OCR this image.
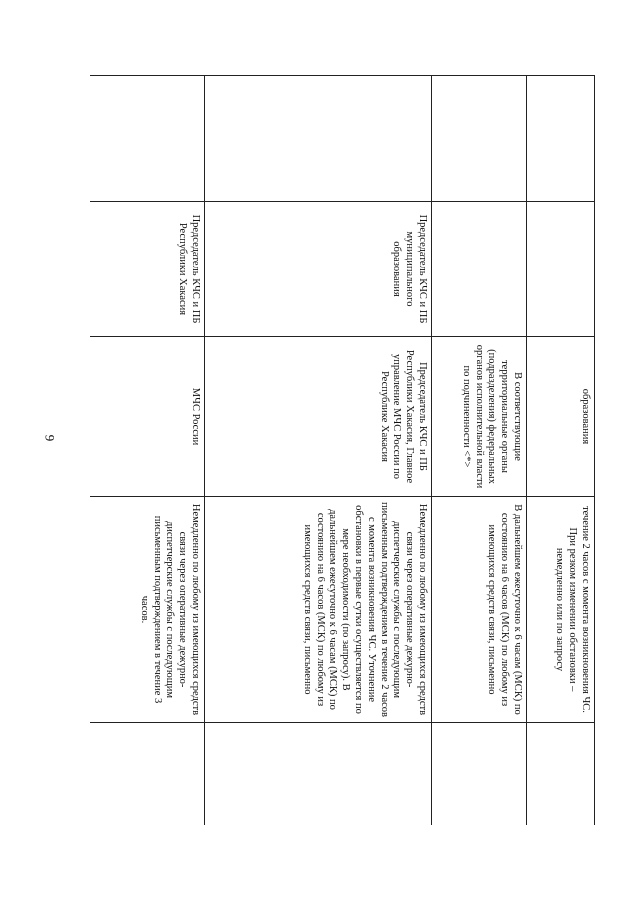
9

		образования	течение 2 часов с момента возникновения ЧС. При резком изменении обстановки – немедленно или по запросу	

		В соответствующие территориальные органы (подразделения) федеральных органов исполнительной власти по подчиненности <*>	В дальнейшем ежесуточно к 6 часам (МСК) по состоянию на 6 часов (МСК) по любому из имеющихся средств связи, письменно	

	Председатель КЧС и ПБ муниципального образования	Председатель КЧС и ПБ Республики Хакасия, Главное управление МЧС России по Республике Хакасия	Немедленно по любому из имеющихся средств связи через оперативные дежурно-диспетчерские службы с последующим письменным подтверждением в течение 2 часов с момента возникновения ЧС. Уточнение обстановки в первые сутки осуществляется по мере необходимости (по запросу). В дальнейшем ежесуточно к 6 часам (МСК) по состоянию на 6 часов (МСК) по любому из имеющихся средств связи, письменно	

	Председатель КЧС и ПБ Республики Хакасия	МЧС России	Немедленно по любому из имеющихся средств связи через оперативные дежурно-диспетчерские службы с последующим письменным подтверждением в течение 3 часов.	
